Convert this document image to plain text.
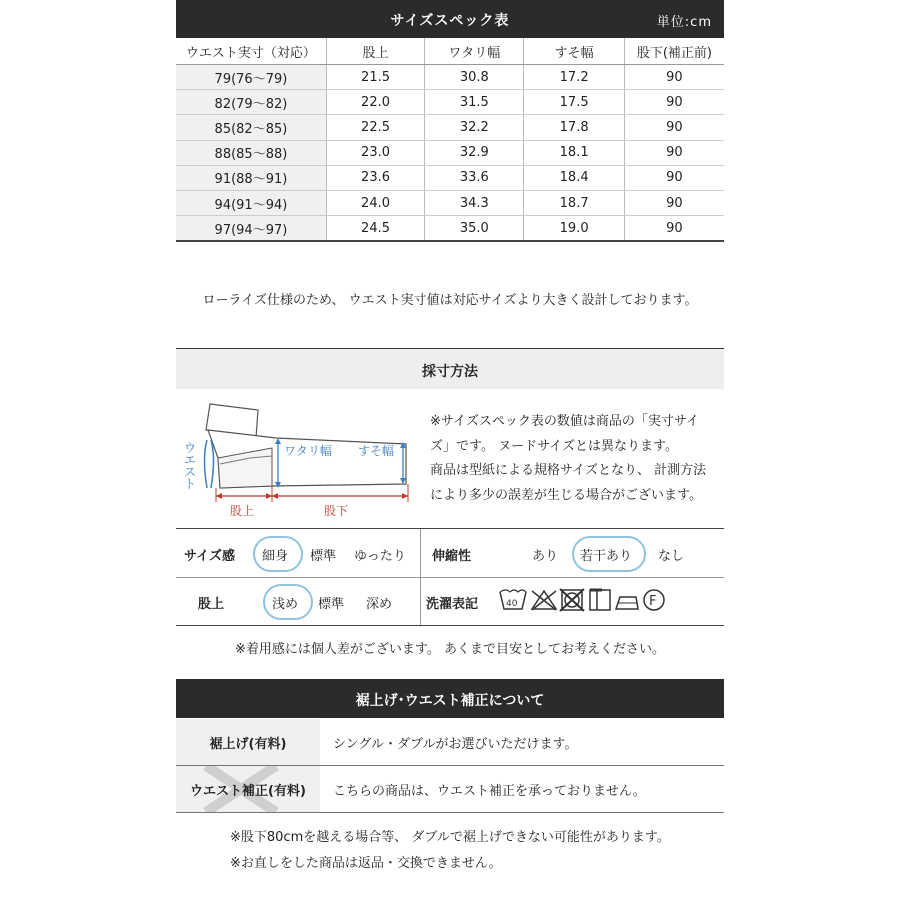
サイズスペック表	単位:cm
ウエスト実寸（対応）	股上	ワタリ幅	すそ幅	股下(補正前)
79(76～79)	21.5	30.8	17.2	90
82(79～82)	22.0	31.5	17.5	90
85(82～85)	22.5	32.2	17.8	90
88(85～88)	23.0	32.9	18.1	90
91(88～91)	23.6	33.6	18.4	90
94(91～94)	24.0	34.3	18.7	90
97(94～97)	24.5	35.0	19.0	90
ローライズ仕様のため、 ウエスト実寸値は対応サイズより大きく設計しております。
採寸方法
ウエスト
ワタリ幅 すそ幅
股上	股下
※サイズスペック表の数値は商品の「実寸サイ
ズ」です。 ヌードサイズとは異なります。
商品は型紙による規格サイズとなり、 計測方法
により多少の誤差が生じる場合がございます。
サイズ感 細身 標準 ゆったり 伸縮性	あり 若干あり なし
股上	浅め 標準 深め	洗濯表記	40	F
※着用感には個人差がございます。 あくまで目安としてお考えください。
裾上げ･ウエスト補正について
裾上げ(有料)	シングル・ダブルがお選びいただけます。
ウエスト補正(有料)	こちらの商品は、ウエスト補正を承っておりません。
※股下80cmを越える場合等、 ダブルで裾上げできない可能性があります。
※お直しをした商品は返品・交換できません。
